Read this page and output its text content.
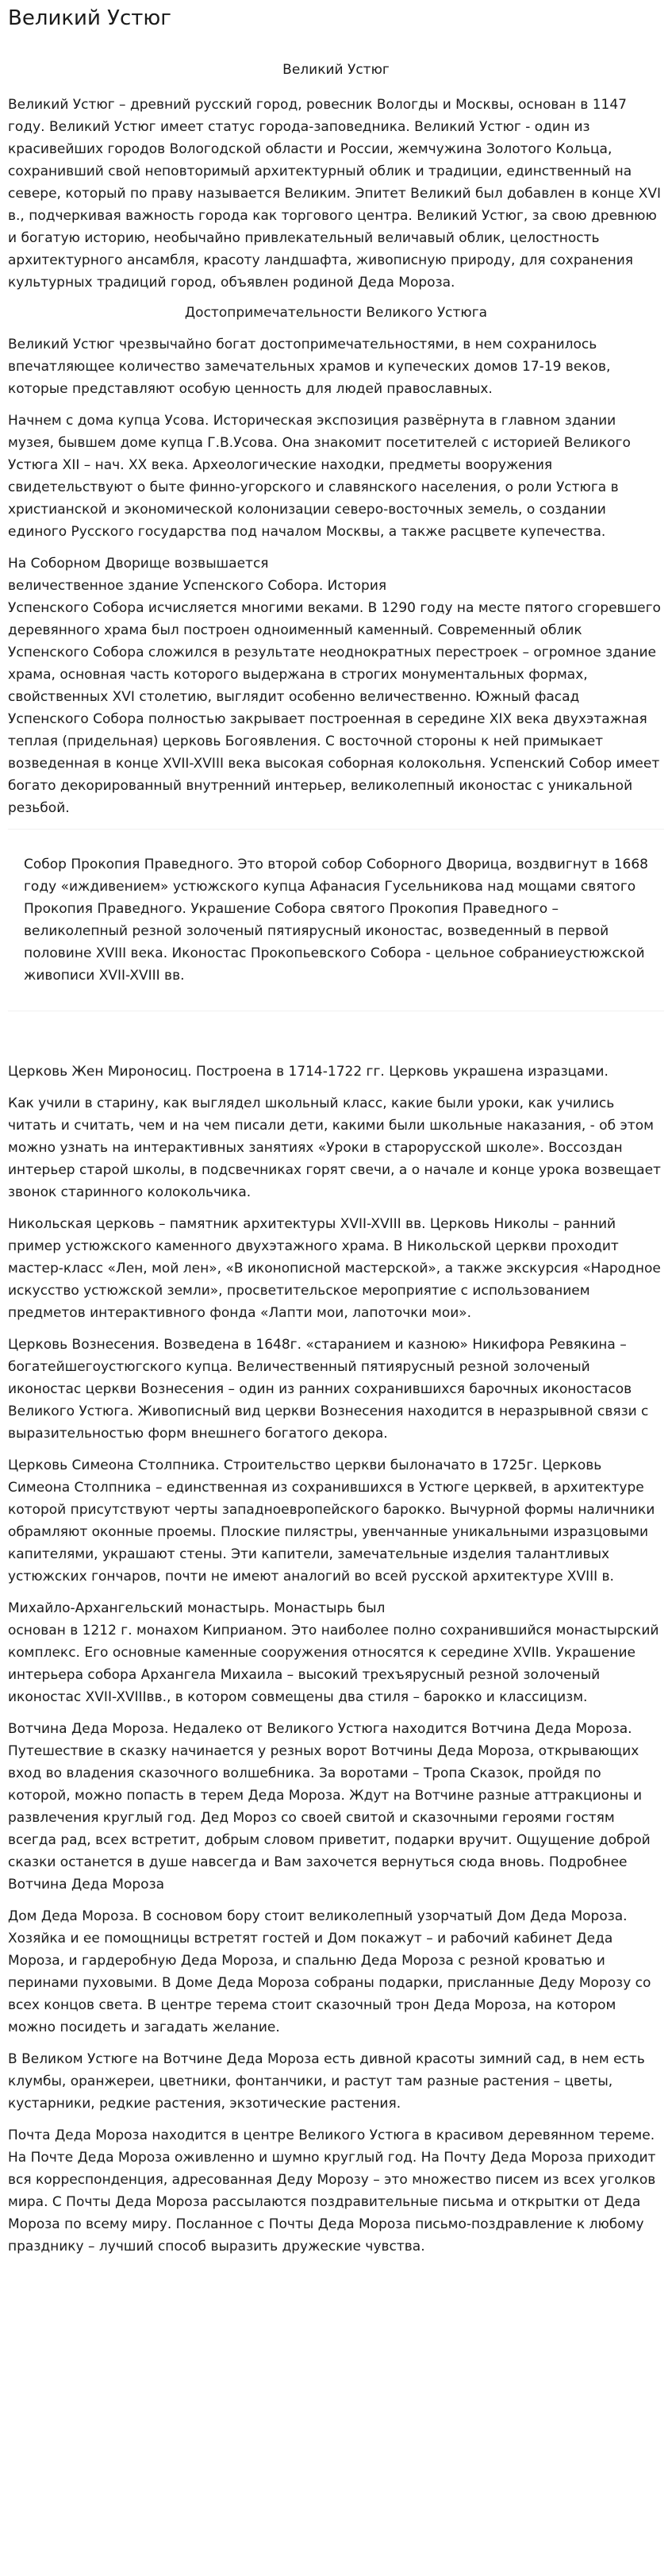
Великий Устюг
Великий Устюг

Великий Устюг – древний русский город, ровесник Вологды и Москвы, основан в 1147 году. Великий Устюг имеет статус города-заповедника. Великий Устюг - один из красивейших городов Вологодской области и России, жемчужина Золотого Кольца, сохранивший свой неповторимый архитектурный облик и традиции, единственный на севере, который по праву называется Великим. Эпитет Великий был добавлен в конце XVI в., подчеркивая важность города как торгового центра. Великий Устюг, за свою древнюю и богатую историю, необычайно привлекательный величавый облик, целостность архитектурного ансамбля, красоту ландшафта, живописную природу, для сохранения культурных традиций город, объявлен родиной Деда Мороза.

Достопримечательности Великого Устюга

Великий Устюг чрезвычайно богат достопримечательностями, в нем сохранилось впечатляющее количество замечательных храмов и купеческих домов 17-19 веков, которые представляют особую ценность для людей православных.

Начнем с дома купца Усова. Историческая экспозиция развёрнута в главном здании музея, бывшем доме купца Г.В.Усова. Она знакомит посетителей с историей Великого Устюга XII – нач. XX века. Археологические находки, предметы вооружения свидетельствуют о быте финно-угорского и славянского населения, о роли Устюга в христианской и экономической колонизации северо-восточных земель, о создании единого Русского государства под началом Москвы, а также расцвете купечества.

На Соборном Дворище возвышается
величественное здание Успенского Собора. История
Успенского Собора исчисляется многими веками. В 1290 году на месте пятого сгоревшего деревянного храма был построен одноименный каменный. Современный облик Успенского Собора сложился в результате неоднократных перестроек – огромное здание храма, основная часть которого выдержана в строгих монументальных формах, свойственных XVI столетию, выглядит особенно величественно. Южный фасад Успенского Собора полностью закрывает построенная в середине XIX века двухэтажная теплая (придельная) церковь Богоявления. С восточной стороны к ней примыкает возведенная в конце XVII-XVIII века высокая соборная колокольня. Успенский Собор имеет богато декорированный внутренний интерьер, великолепный иконостас с уникальной резьбой.

Собор Прокопия Праведного. Это второй собор Соборного Дворица, воздвигнут в 1668 году «иждивением» устюжского купца Афанасия Гусельникова над мощами святого Прокопия Праведного. Украшение Собора святого Прокопия Праведного – великолепный резной золоченый пятиярусный иконостас, возведенный в первой половине XVIII века. Иконостас Прокопьевского Собора - цельное собраниеустюжской живописи XVII-XVIII вв.

Церковь Жен Мироносиц. Построена в 1714-1722 гг. Церковь украшена изразцами.

Как учили в старину, как выглядел школьный класс, какие были уроки, как учились читать и считать, чем и на чем писали дети, какими были школьные наказания, - об этом можно узнать на интерактивных занятиях «Уроки в старорусской школе». Воссоздан интерьер старой школы, в подсвечниках горят свечи, а о начале и конце урока возвещает звонок старинного колокольчика.

Никольская церковь – памятник архитектуры XVII-XVIII вв. Церковь Николы – ранний пример устюжского каменного двухэтажного храма. В Никольской церкви проходит мастер-класс «Лен, мой лен», «В иконописной мастерской», а также экскурсия «Народное искусство устюжской земли», просветительское мероприятие с использованием предметов интерактивного фонда «Лапти мои, лапоточки мои».

Церковь Вознесения. Возведена в 1648г. «старанием и казною» Никифора Ревякина – богатейшегоустюгского купца. Величественный пятиярусный резной золоченый иконостас церкви Вознесения – один из ранних сохранившихся барочных иконостасов Великого Устюга. Живописный вид церкви Вознесения находится в неразрывной связи с выразительностью форм внешнего богатого декора.

Церковь Симеона Столпника. Строительство церкви былоначато в 1725г. Церковь Симеона Столпника – единственная из сохранившихся в Устюге церквей, в архитектуре которой присутствуют черты западноевропейского барокко. Вычурной формы наличники обрамляют оконные проемы. Плоские пилястры, увенчанные уникальными изразцовыми капителями, украшают стены. Эти капители, замечательные изделия талантливых устюжских гончаров, почти не имеют аналогий во всей русской архитектуре XVIII в.

Михайло-Архангельский монастырь. Монастырь был
основан в 1212 г. монахом Киприаном. Это наиболее полно сохранившийся монастырский комплекс. Его основные каменные сооружения относятся к середине XVIIв. Украшение интерьера собора Архангела Михаила – высокий трехъярусный резной золоченый иконостас XVII-XVIIIвв., в котором совмещены два стиля – барокко и классицизм.

Вотчина Деда Мороза. Недалеко от Великого Устюга находится Вотчина Деда Мороза. Путешествие в сказку начинается у резных ворот Вотчины Деда Мороза, открывающих вход во владения сказочного волшебника. За воротами – Тропа Сказок, пройдя по которой, можно попасть в терем Деда Мороза. Ждут на Вотчине разные аттракционы и развлечения круглый год. Дед Мороз со своей свитой и сказочными героями гостям всегда рад, всех встретит, добрым словом приветит, подарки вручит. Ощущение доброй сказки останется в душе навсегда и Вам захочется вернуться сюда вновь. Подробнее Вотчина Деда Мороза

Дом Деда Мороза. В сосновом бору стоит великолепный узорчатый Дом Деда Мороза. Хозяйка и ее помощницы встретят гостей и Дом покажут – и рабочий кабинет Деда Мороза, и гардеробную Деда Мороза, и спальню Деда Мороза с резной кроватью и перинами пуховыми. В Доме Деда Мороза собраны подарки, присланные Деду Морозу со всех концов света. В центре терема стоит сказочный трон Деда Мороза, на котором можно посидеть и загадать желание.

В Великом Устюге на Вотчине Деда Мороза есть дивной красоты зимний сад, в нем есть клумбы, оранжереи, цветники, фонтанчики, и растут там разные растения – цветы, кустарники, редкие растения, экзотические растения.

Почта Деда Мороза находится в центре Великого Устюга в красивом деревянном тереме. На Почте Деда Мороза оживленно и шумно круглый год. На Почту Деда Мороза приходит вся корреспонденция, адресованная Деду Морозу – это множество писем из всех уголков мира. С Почты Деда Мороза рассылаются поздравительные письма и открытки от Деда Мороза по всему миру. Посланное с Почты Деда Мороза письмо-поздравление к любому празднику – лучший способ выразить дружеские чувства.
